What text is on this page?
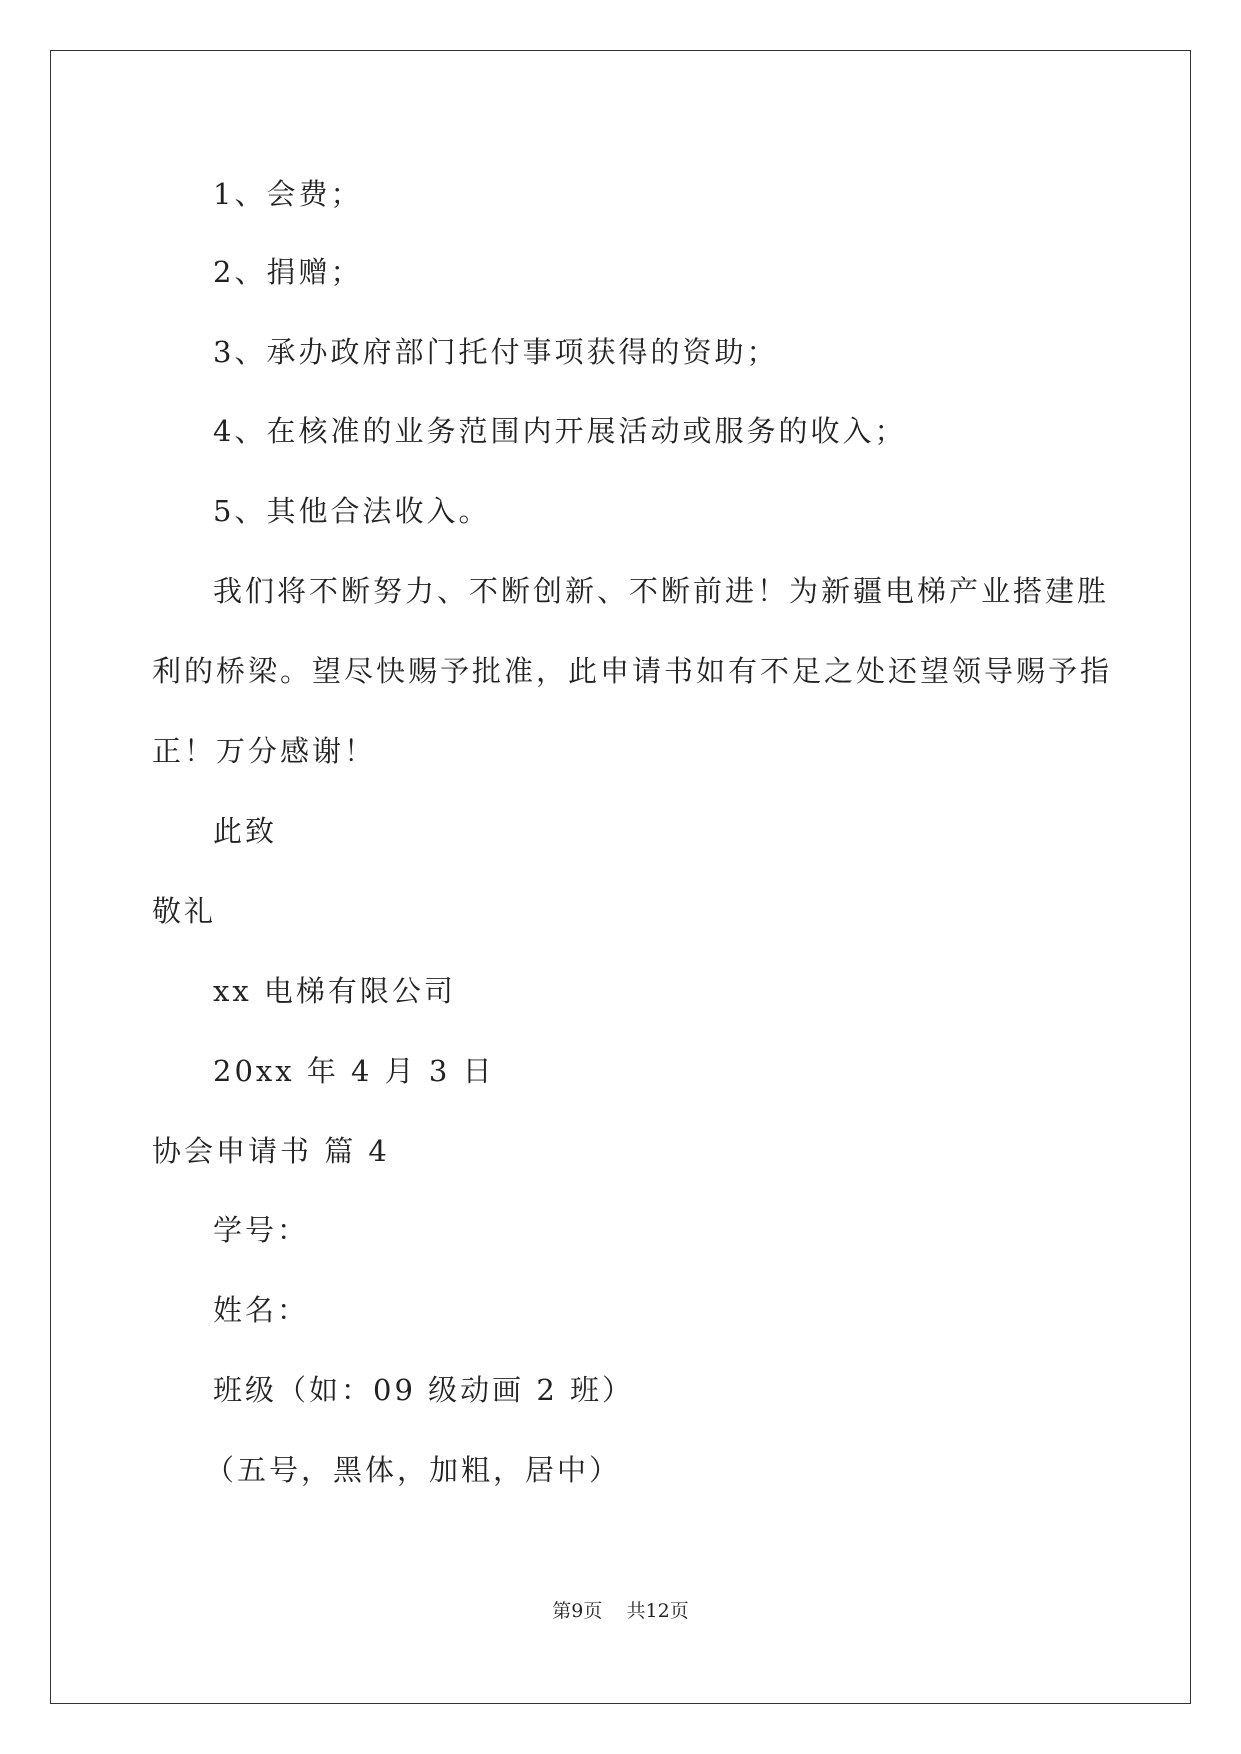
1、会费；
2、捐赠；
3、承办政府部门托付事项获得的资助；
4、在核准的业务范围内开展活动或服务的收入；
5、其他合法收入。
我们将不断努力、不断创新、不断前进！为新疆电梯产业搭建胜
利的桥梁。望尽快赐予批准，此申请书如有不足之处还望领导赐予指
正！万分感谢！
此致
敬礼
xx 电梯有限公司
20xx 年 4 月 3 日
协会申请书 篇 4
学号：
姓名：
班级（如：09 级动画 2 班）
（五号，黑体，加粗，居中）
第9页 共12页
